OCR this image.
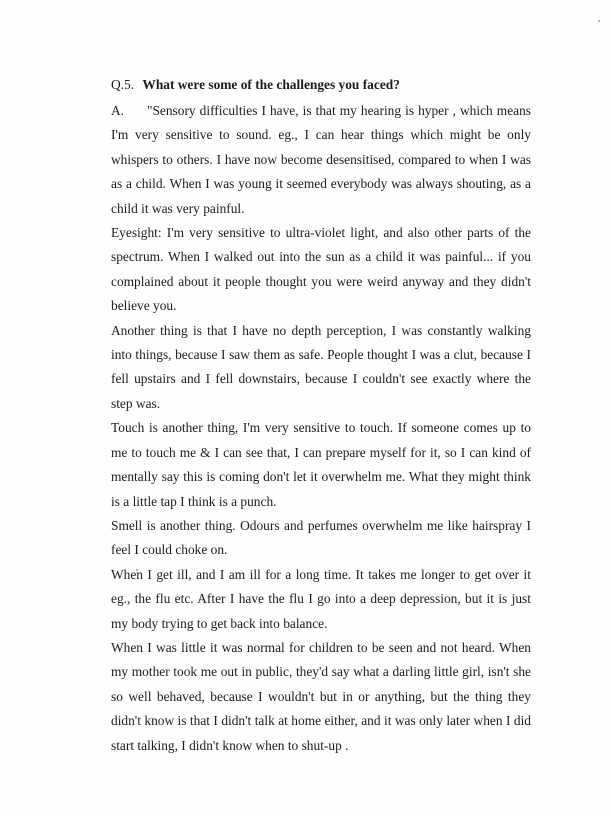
Q.5. What were some of the challenges you faced?

A. "Sensory difficulties I have, is that my hearing is hyper , which means I'm very sensitive to sound. eg., I can hear things which might be only whispers to others. I have now become desensitised, compared to when I was as a child. When I was young it seemed everybody was always shouting, as a child it was very painful.

Eyesight: I'm very sensitive to ultra-violet light, and also other parts of the spectrum. When I walked out into the sun as a child it was painful... if you complained about it people thought you were weird anyway and they didn't believe you.

Another thing is that I have no depth perception, I was constantly walking into things, because I saw them as safe. People thought I was a clut, because I fell upstairs and I fell downstairs, because I couldn't see exactly where the step was.

Touch is another thing, I'm very sensitive to touch. If someone comes up to me to touch me & I can see that, I can prepare myself for it, so I can kind of mentally say this is coming don't let it overwhelm me. What they might think is a little tap I think is a punch.

Smell is another thing. Odours and perfumes overwhelm me like hairspray I feel I could choke on.

When I get ill, and I am ill for a long time. It takes me longer to get over it eg., the flu etc. After I have the flu I go into a deep depression, but it is just my body trying to get back into balance.

When I was little it was normal for children to be seen and not heard. When my mother took me out in public, they'd say what a darling little girl, isn't she so well behaved, because I wouldn't but in or anything, but the thing they didn't know is that I didn't talk at home either, and it was only later when I did start talking, I didn't know when to shut-up .
